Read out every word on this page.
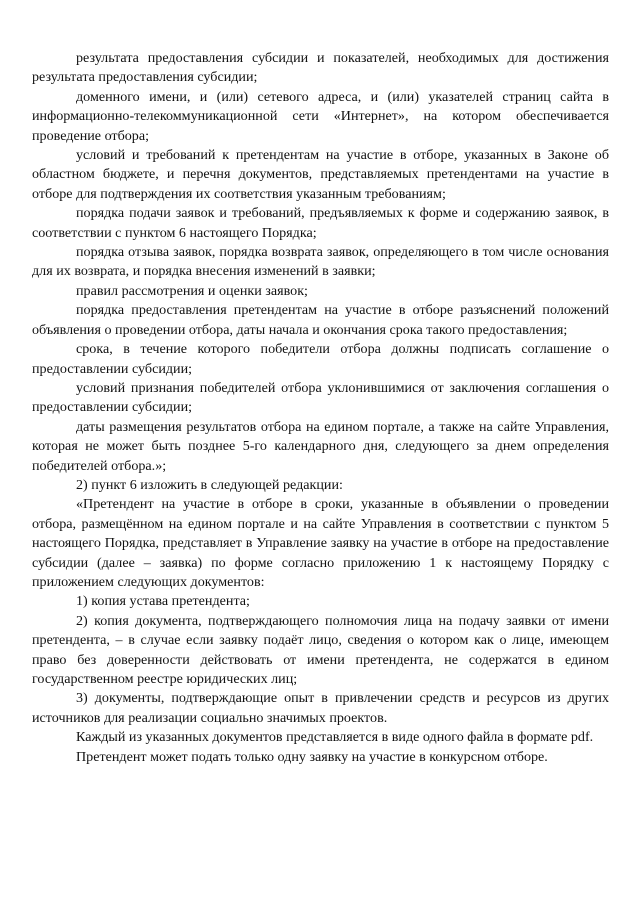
результата предоставления субсидии и показателей, необходимых для достижения результата предоставления субсидии;

доменного имени, и (или) сетевого адреса, и (или) указателей страниц сайта в информационно-телекоммуникационной сети «Интернет», на котором обеспечивается проведение отбора;

условий и требований к претендентам на участие в отборе, указанных в Законе об областном бюджете, и перечня документов, представляемых претендентами на участие в отборе для подтверждения их соответствия указанным требованиям;

порядка подачи заявок и требований, предъявляемых к форме и содержанию заявок, в соответствии с пунктом 6 настоящего Порядка;

порядка отзыва заявок, порядка возврата заявок, определяющего в том числе основания для их возврата, и порядка внесения изменений в заявки;

правил рассмотрения и оценки заявок;

порядка предоставления претендентам на участие в отборе разъяснений положений объявления о проведении отбора, даты начала и окончания срока такого предоставления;

срока, в течение которого победители отбора должны подписать соглашение о предоставлении субсидии;

условий признания победителей отбора уклонившимися от заключения соглашения о предоставлении субсидии;

даты размещения результатов отбора на едином портале, а также на сайте Управления, которая не может быть позднее 5-го календарного дня, следующего за днем определения победителей отбора.»;

2) пункт 6 изложить в следующей редакции:

«Претендент на участие в отборе в сроки, указанные в объявлении о проведении отбора, размещённом на едином портале и на сайте Управления в соответствии с пунктом 5 настоящего Порядка, представляет в Управление заявку на участие в отборе на предоставление субсидии (далее – заявка) по форме согласно приложению 1 к настоящему Порядку с приложением следующих документов:

1) копия устава претендента;

2) копия документа, подтверждающего полномочия лица на подачу заявки от имени претендента, – в случае если заявку подаёт лицо, сведения о котором как о лице, имеющем право без доверенности действовать от имени претендента, не содержатся в едином государственном реестре юридических лиц;

3) документы, подтверждающие опыт в привлечении средств и ресурсов из других источников для реализации социально значимых проектов.

Каждый из указанных документов представляется в виде одного файла в формате pdf.

Претендент может подать только одну заявку на участие в конкурсном отборе.
